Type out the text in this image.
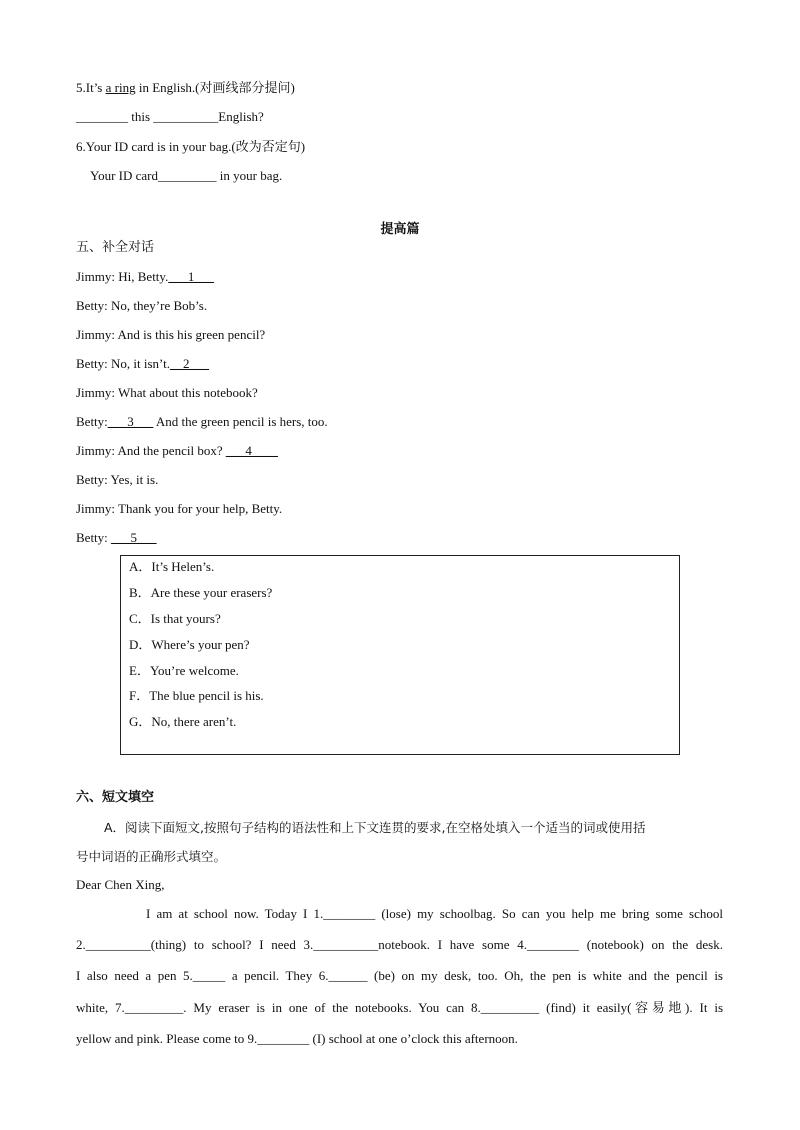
5.It’s a ring in English.(对画线部分提问)
________ this __________English?
6.Your ID card is in your bag.(改为否定句)
Your ID card_________ in your bag.
提高篇
五、补全对话
Jimmy: Hi, Betty.___1___
Betty: No, they’re Bob’s.
Jimmy: And is this his green pencil?
Betty: No, it isn’t.__2___
Jimmy: What about this notebook?
Betty:___3___ And the green pencil is hers, too.
Jimmy: And the pencil box? ___4____
Betty: Yes, it is.
Jimmy: Thank you for your help, Betty.
Betty: ___5___
A．It’s Helen’s.
B．Are these your erasers?
C．Is that yours?
D．Where’s your pen?
E．You’re welcome.
F．The blue pencil is his.
G．No, there aren’t.
六、短文填空
A．阅读下面短文,按照句子结构的语法性和上下文连贯的要求,在空格处填入一个适当的词或使用括
号中词语的正确形式填空。
Dear Chen Xing,
I am at school now. Today I 1.________ (lose) my schoolbag. So can you help me bring some school
2.__________(thing) to school? I need 3.__________notebook. I have some 4.________ (notebook) on the desk.
I also need a pen 5._____ a pencil. They 6.______ (be) on my desk, too. Oh, the pen is white and the pencil is
white, 7._________. My eraser is in one of the notebooks. You can 8._________ (find) it easily(容易地). It is
yellow and pink. Please come to 9.________ (I) school at one o’clock this afternoon.
